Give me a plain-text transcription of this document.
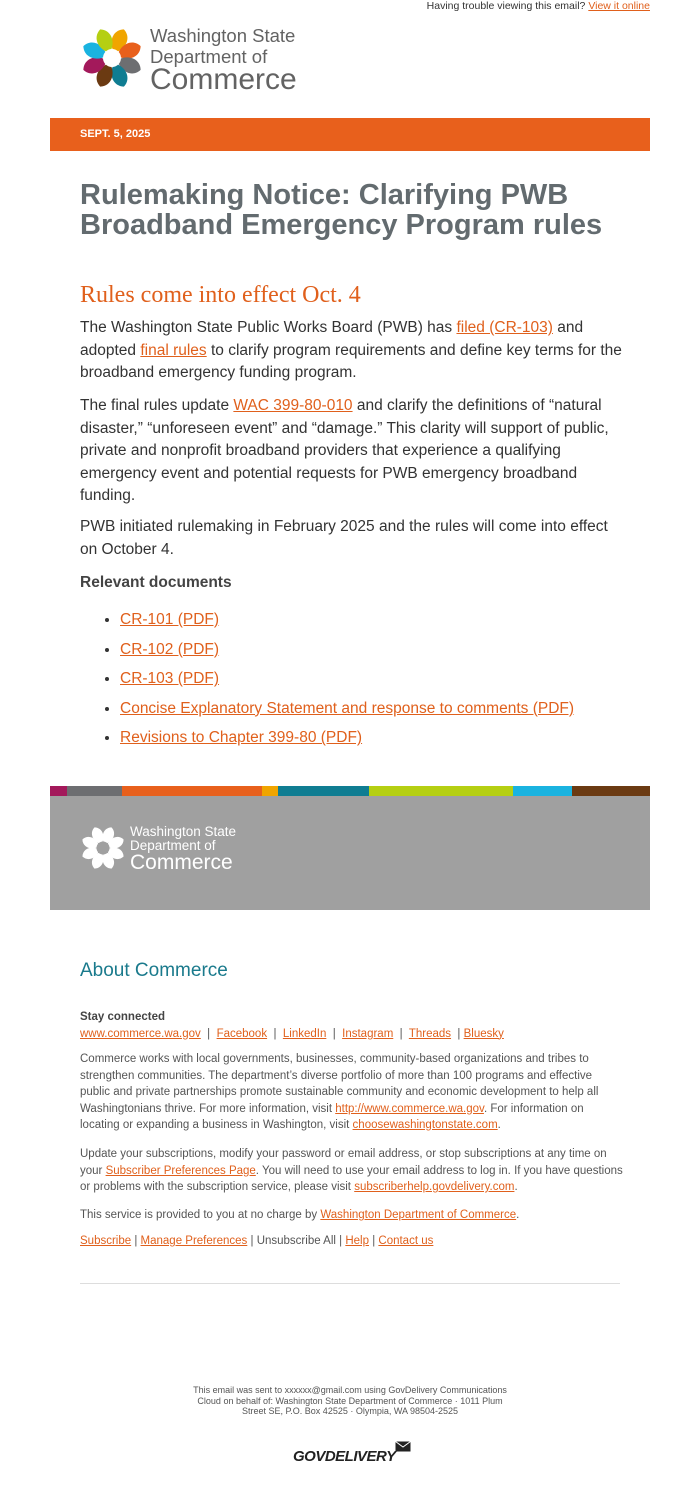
Having trouble viewing this email? View it online
Washington State
Department of
Commerce
SEPT. 5, 2025
Rulemaking Notice: Clarifying PWB Broadband Emergency Program rules
Rules come into effect Oct. 4

The Washington State Public Works Board (PWB) has filed (CR-103) and adopted final rules to clarify program requirements and define key terms for the broadband emergency funding program.

The final rules update WAC 399-80-010 and clarify the definitions of “natural disaster,” “unforeseen event” and “damage.” This clarity will support of public, private and nonprofit broadband providers that experience a qualifying emergency event and potential requests for PWB emergency broadband funding.

PWB initiated rulemaking in February 2025 and the rules will come into effect on October 4.

Relevant documents
• CR-101 (PDF)
• CR-102 (PDF)
• CR-103 (PDF)
• Concise Explanatory Statement and response to comments (PDF)
• Revisions to Chapter 399-80 (PDF)
Washington State
Department of
Commerce
About Commerce

Stay connected
www.commerce.wa.gov  |  Facebook  |  LinkedIn  |  Instagram  |  Threads  | Bluesky

Commerce works with local governments, businesses, community-based organizations and tribes to strengthen communities. The department’s diverse portfolio of more than 100 programs and effective public and private partnerships promote sustainable community and economic development to help all Washingtonians thrive. For more information, visit http://www.commerce.wa.gov. For information on locating or expanding a business in Washington, visit choosewashingtonstate.com.

Update your subscriptions, modify your password or email address, or stop subscriptions at any time on your Subscriber Preferences Page. You will need to use your email address to log in. If you have questions or problems with the subscription service, please visit subscriberhelp.govdelivery.com.

This service is provided to you at no charge by Washington Department of Commerce.

Subscribe | Manage Preferences | Unsubscribe All | Help | Contact us

This email was sent to xxxxxx@gmail.com using GovDelivery Communications Cloud on behalf of: Washington State Department of Commerce · 1011 Plum Street SE, P.O. Box 42525 · Olympia, WA 98504-2525
GOVDELIVERY
